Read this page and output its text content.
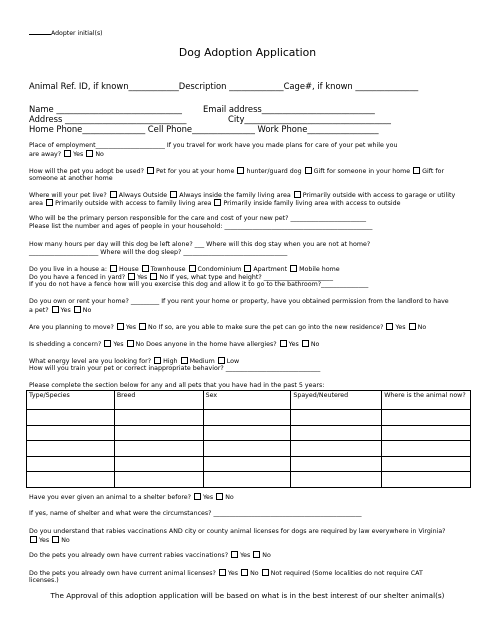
Adopter initial(s)
Dog Adoption Application
Animal Ref. ID, if known____________Description _____________Cage#, if known _______________
Name ______________________________	Email address___________________________
Address _____________________________	City___________________________________
Home Phone_______________ Cell Phone_______________ Work Phone_________________
Place of employment______________________ If you travel for work have you made plans for care of your pet while you
are away? Yes No
How will the pet you adopt be used? Pet for you at your home hunter/guard dog Gift for someone in your home Gift for
someone at another home
Where will your pet live? Always Outside Always inside the family living area Primarily outside with access to garage or utility
area Primarily outside with access to family living area Primarily inside family living area with access to outside
Who will be the primary person responsible for the care and cost of your new pet? ________________________
Please list the number and ages of people in your household: _______________________________________________
How many hours per day will this dog be left alone? ___ Where will this dog stay when you are not at home?
______________________ Where will the dog sleep? _________________________________
Do you live in a house a: House Townhouse Condominium Apartment Mobile home
Do you have a fenced in yard? Yes No If yes, what type and height? ______________________
If you do not have a fence how will you exercise this dog and allow it to go to the bathroom?_______________
Do you own or rent your home? _________ If you rent your home or property, have you obtained permission from the landlord to have
a pet? Yes No
Are you planning to move? Yes No If so, are you able to make sure the pet can go into the new residence? Yes No
Is shedding a concern? Yes No Does anyone in the home have allergies? Yes No
What energy level are you looking for? High Medium Low
How will you train your pet or correct inappropriate behavior? ______________________________
Please complete the section below for any and all pets that you have had in the past 5 years:
Type/Species	Breed	Sex	Spayed/Neutered	Where is the animal now?

Have you ever given an animal to a shelter before? Yes No
If yes, name of shelter and what were the circumstances? _______________________________________________
Do you understand that rabies vaccinations AND city or county animal licenses for dogs are required by law everywhere in Virginia?
Yes No
Do the pets you already own have current rabies vaccinations? Yes No
Do the pets you already own have current animal licenses? Yes No Not required (Some localities do not require CAT
licenses.)
The Approval of this adoption application will be based on what is in the best interest of our shelter animal(s)
